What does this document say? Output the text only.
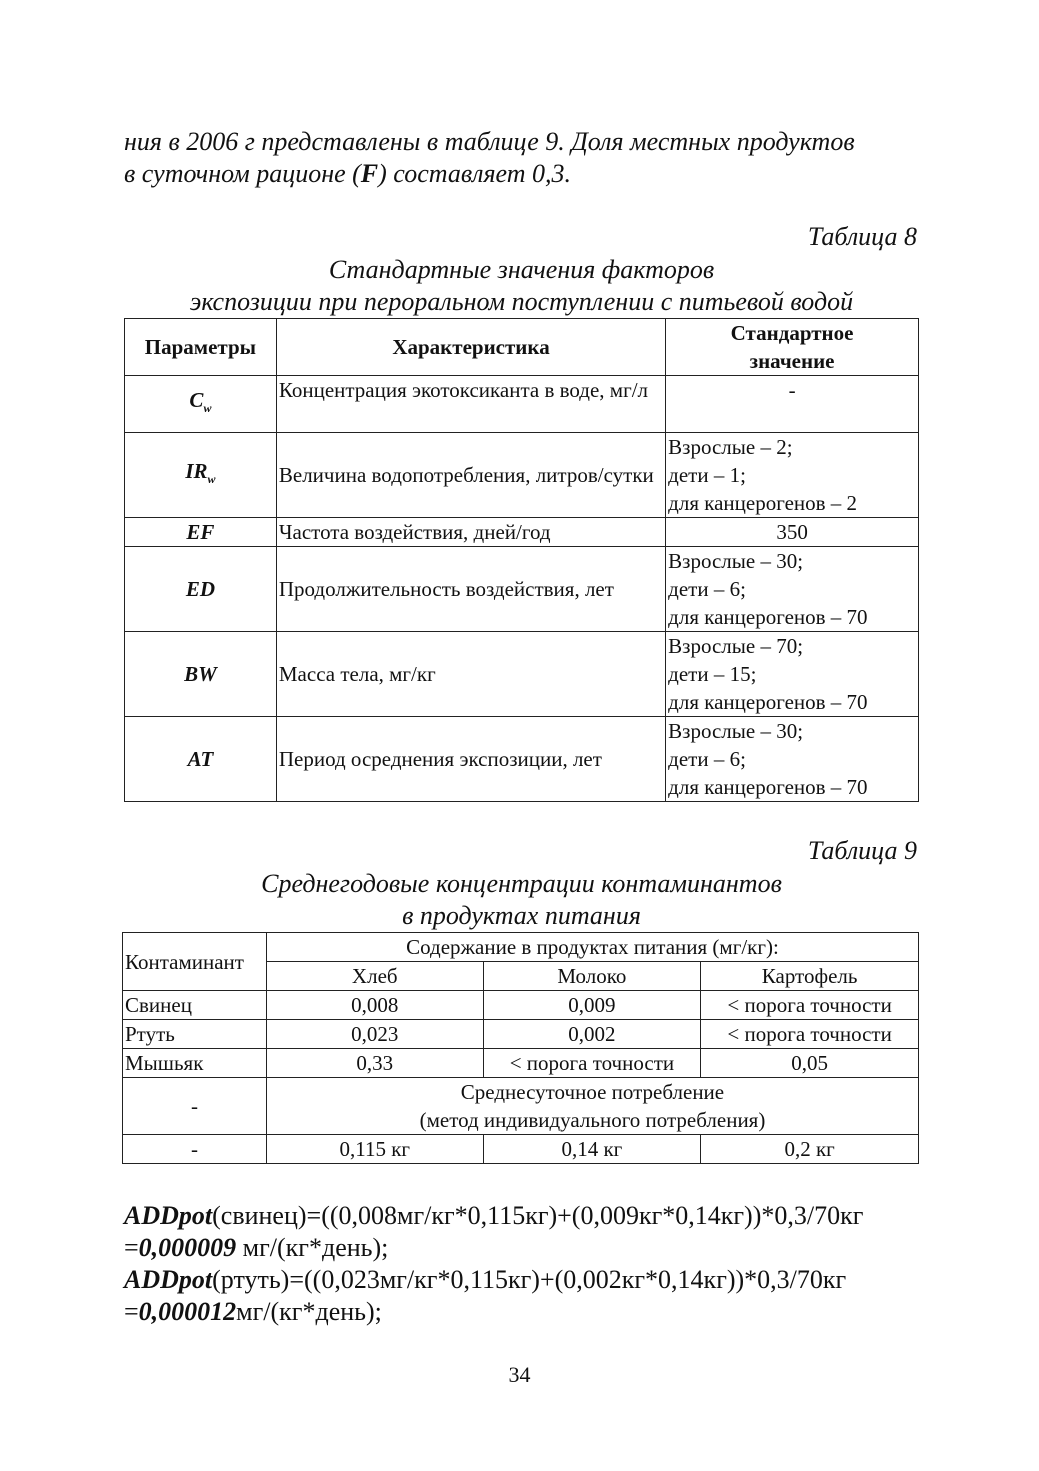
ния в 2006 г представлены в таблице 9. Доля местных продуктов
в суточном рационе (F) составляет 0,3.

Таблица 8

Стандартные значения факторов
экспозиции при пероральном поступлении с питьевой водой

Параметры	Характеристика	Стандартное
значение

$C_w$	Концентрация экотоксиканта в воде, мг/л	-

$IR_w$	Величина водопотребления, литров/сутки	Взрослые – 2;
дети – 1;
для канцерогенов – 2

EF	Частота воздействия, дней/год	350

ED	Продолжительность воздействия, лет	Взрослые – 30;
дети – 6;
для канцерогенов – 70

BW	Масса тела, мг/кг	Взрослые – 70;
дети – 15;
для канцерогенов – 70

AT	Период осреднения экспозиции, лет	Взрослые – 30;
дети – 6;
для канцерогенов – 70

Таблица 9

Среднегодовые концентрации контаминантов
в продуктах питания

Контаминант	Содержание в продуктах питания (мг/кг):		
	Хлеб	Молоко	Картофель
Свинец	0,008	0,009	< порога точности
Ртуть	0,023	0,002	< порога точности
Мышьяк	0,33	< порога точности	0,05
-	Среднесуточное потребление
(метод индивидуального потребления)		

-	0,115 кг	0,14 кг	0,2 кг

ADDpot(свинец)=((0,008мг/кг*0,115кг)+(0,009кг*0,14кг))*0,3/70кг
=0,000009 мг/(кг*день);

ADDpot(ртуть)=((0,023мг/кг*0,115кг)+(0,002кг*0,14кг))*0,3/70кг
=0,000012мг/(кг*день);

34
